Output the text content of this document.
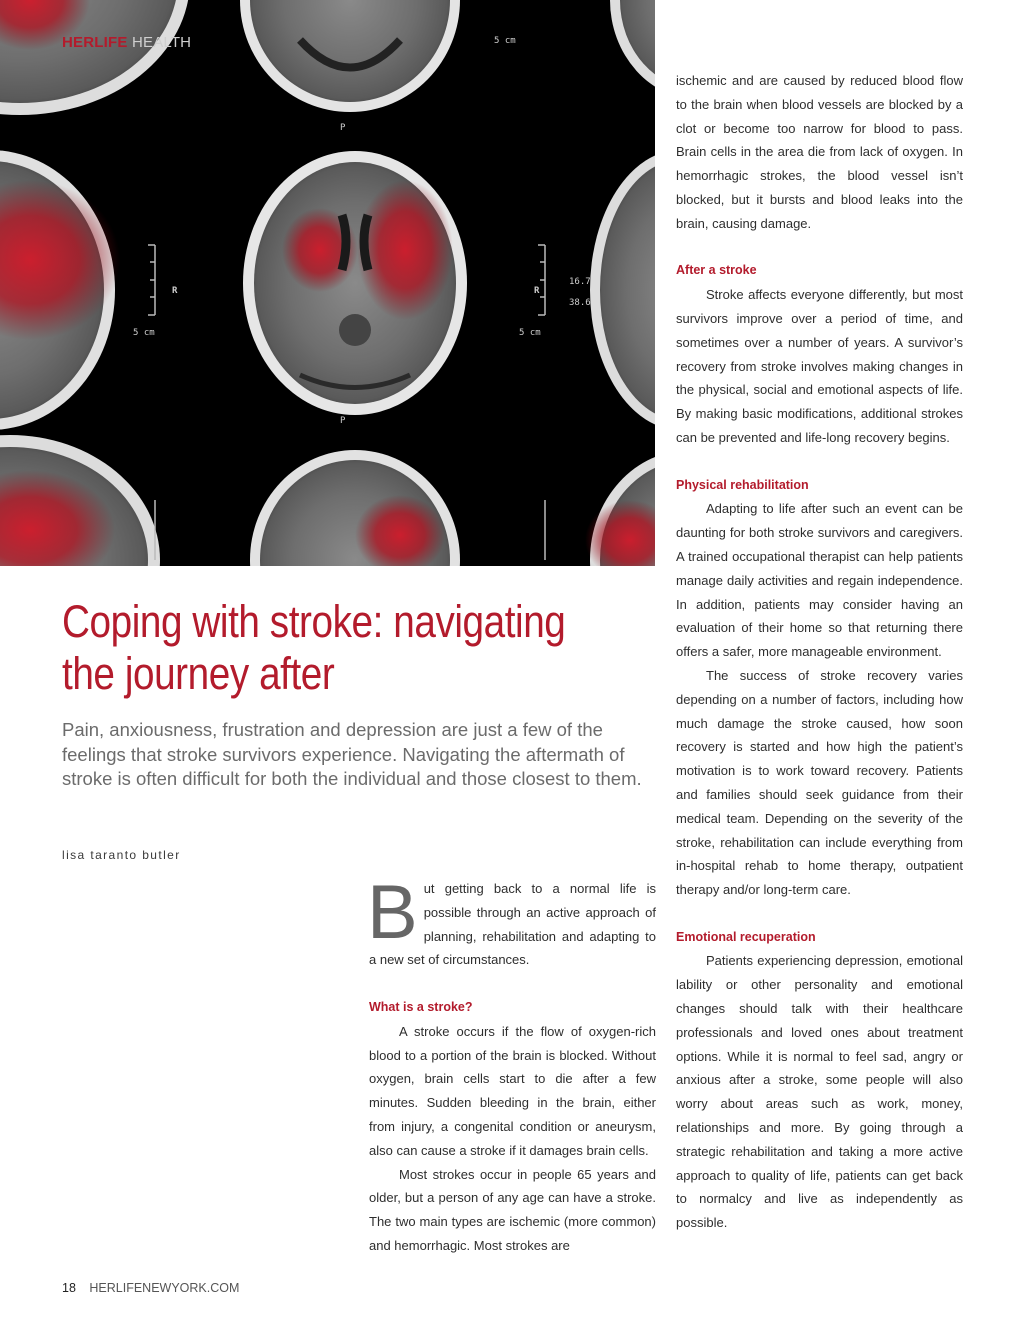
5 cm	5 cm
5 cm
R	R
P
P
16.7
38.6
HERLIFE HEALTH
Coping with stroke: navigating the journey after

Pain, anxiousness, frustration and depression are just a few of the feelings that stroke survivors experience. Navigating the aftermath of stroke is often difficult for both the individual and those closest to them.

lisa taranto butler

But getting back to a normal life is possible through an active approach of planning, rehabilitation and adapting to a new set of circumstances.

What is a stroke?

A stroke occurs if the flow of oxygen-rich blood to a portion of the brain is blocked. Without oxygen, brain cells start to die after a few minutes. Sudden bleeding in the brain, either from injury, a congenital condition or aneurysm, also can cause a stroke if it damages brain cells.

Most strokes occur in people 65 years and older, but a person of any age can have a stroke. The two main types are ischemic (more common) and hemorrhagic. Most strokes are

ischemic and are caused by reduced blood flow to the brain when blood vessels are blocked by a clot or become too narrow for blood to pass. Brain cells in the area die from lack of oxygen. In hemorrhagic strokes, the blood vessel isn’t blocked, but it bursts and blood leaks into the brain, causing damage.

After a stroke

Stroke affects everyone differently, but most survivors improve over a period of time, and sometimes over a number of years. A survivor’s recovery from stroke involves making changes in the physical, social and emotional aspects of life. By making basic modifications, additional strokes can be prevented and life-long recovery begins.

Physical rehabilitation

Adapting to life after such an event can be daunting for both stroke survivors and caregivers. A trained occupational therapist can help patients manage daily activities and regain independence. In addition, patients may consider having an evaluation of their home so that returning there offers a safer, more manageable environment.

The success of stroke recovery varies depending on a number of factors, including how much damage the stroke caused, how soon recovery is started and how high the patient’s motivation is to work toward recovery. Patients and families should seek guidance from their medical team. Depending on the severity of the stroke, rehabilitation can include everything from in-hospital rehab to home therapy, outpatient therapy and/or long-term care.

Emotional recuperation

Patients experiencing depression, emotional lability or other personality and emotional changes should talk with their healthcare professionals and loved ones about treatment options. While it is normal to feel sad, angry or anxious after a stroke, some people will also worry about areas such as work, money, relationships and more. By going through a strategic rehabilitation and taking a more active approach to quality of life, patients can get back to normalcy and live as independently as possible.

18 HERLIFENEWYORK.COM
